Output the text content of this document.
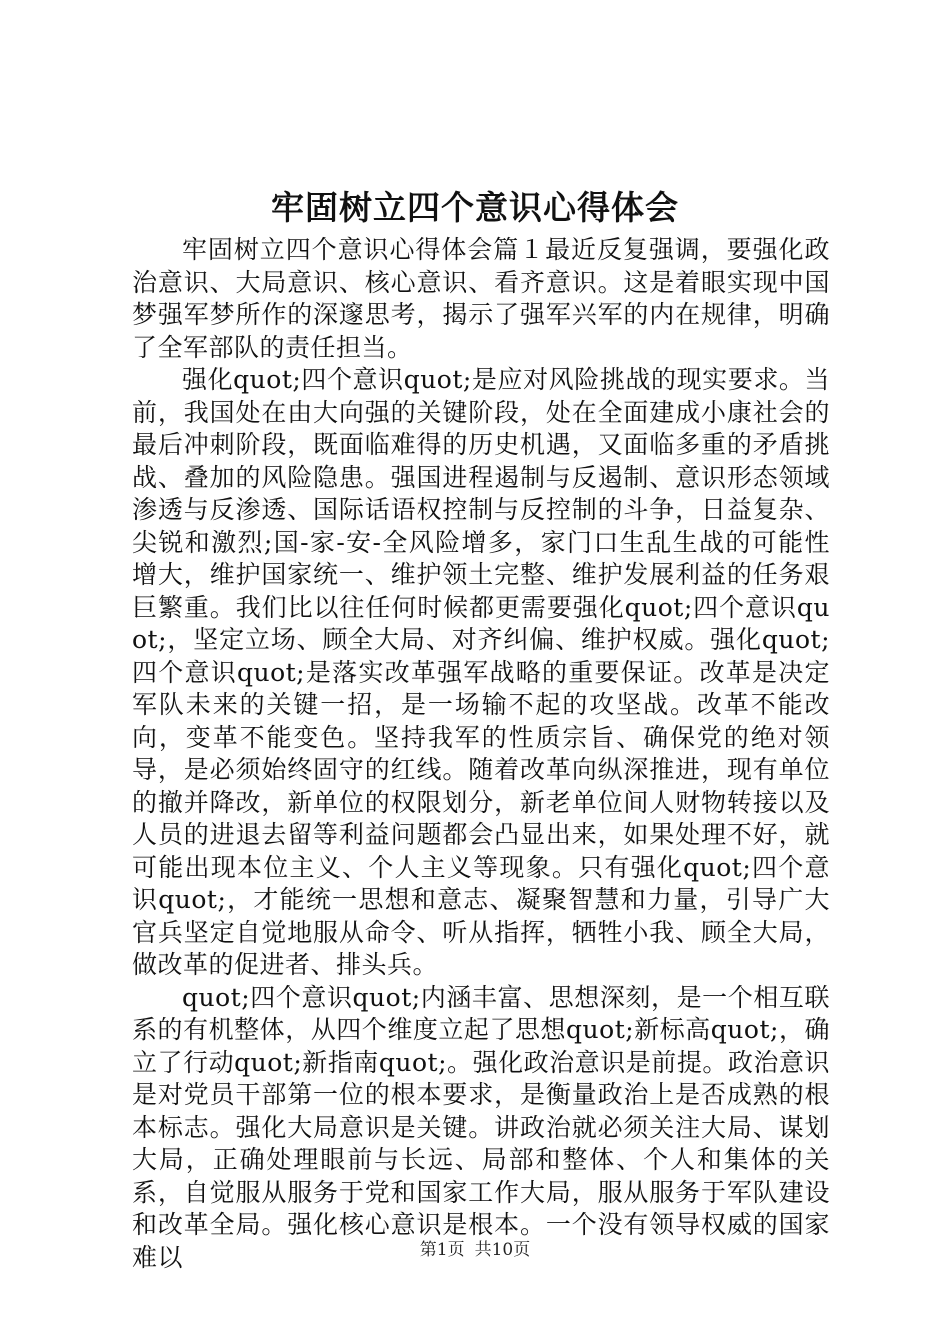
牢固树立四个意识心得体会

牢固树立四个意识心得体会篇１最近反复强调，要强化政治意识、大局意识、核心意识、看齐意识。这是着眼实现中国梦强军梦所作的深邃思考，揭示了强军兴军的内在规律，明确了全军部队的责任担当。

强化quot;四个意识quot;是应对风险挑战的现实要求。当前，我国处在由大向强的关键阶段，处在全面建成小康社会的最后冲刺阶段，既面临难得的历史机遇，又面临多重的矛盾挑战、叠加的风险隐患。强国进程遏制与反遏制、意识形态领域渗透与反渗透、国际话语权控制与反控制的斗争，日益复杂、尖锐和激烈;国-家-安-全风险增多，家门口生乱生战的可能性增大，维护国家统一、维护领土完整、维护发展利益的任务艰巨繁重。我们比以往任何时候都更需要强化quot;四个意识quot;，坚定立场、顾全大局、对齐纠偏、维护权威。强化quot;四个意识quot;是落实改革强军战略的重要保证。改革是决定军队未来的关键一招，是一场输不起的攻坚战。改革不能改向，变革不能变色。坚持我军的性质宗旨、确保党的绝对领导，是必须始终固守的红线。随着改革向纵深推进，现有单位的撤并降改，新单位的权限划分，新老单位间人财物转接以及人员的进退去留等利益问题都会凸显出来，如果处理不好，就可能出现本位主义、个人主义等现象。只有强化quot;四个意识quot;，才能统一思想和意志、凝聚智慧和力量，引导广大官兵坚定自觉地服从命令、听从指挥，牺牲小我、顾全大局，做改革的促进者、排头兵。

quot;四个意识quot;内涵丰富、思想深刻，是一个相互联系的有机整体，从四个维度立起了思想quot;新标高quot;，确立了行动quot;新指南quot;。强化政治意识是前提。政治意识是对党员干部第一位的根本要求，是衡量政治上是否成熟的根本标志。强化大局意识是关键。讲政治就必须关注大局、谋划大局，正确处理眼前与长远、局部和整体、个人和集体的关系，自觉服从服务于党和国家工作大局，服从服务于军队建设和改革全局。强化核心意识是根本。一个没有领导权威的国家难以	第1页 共10页
